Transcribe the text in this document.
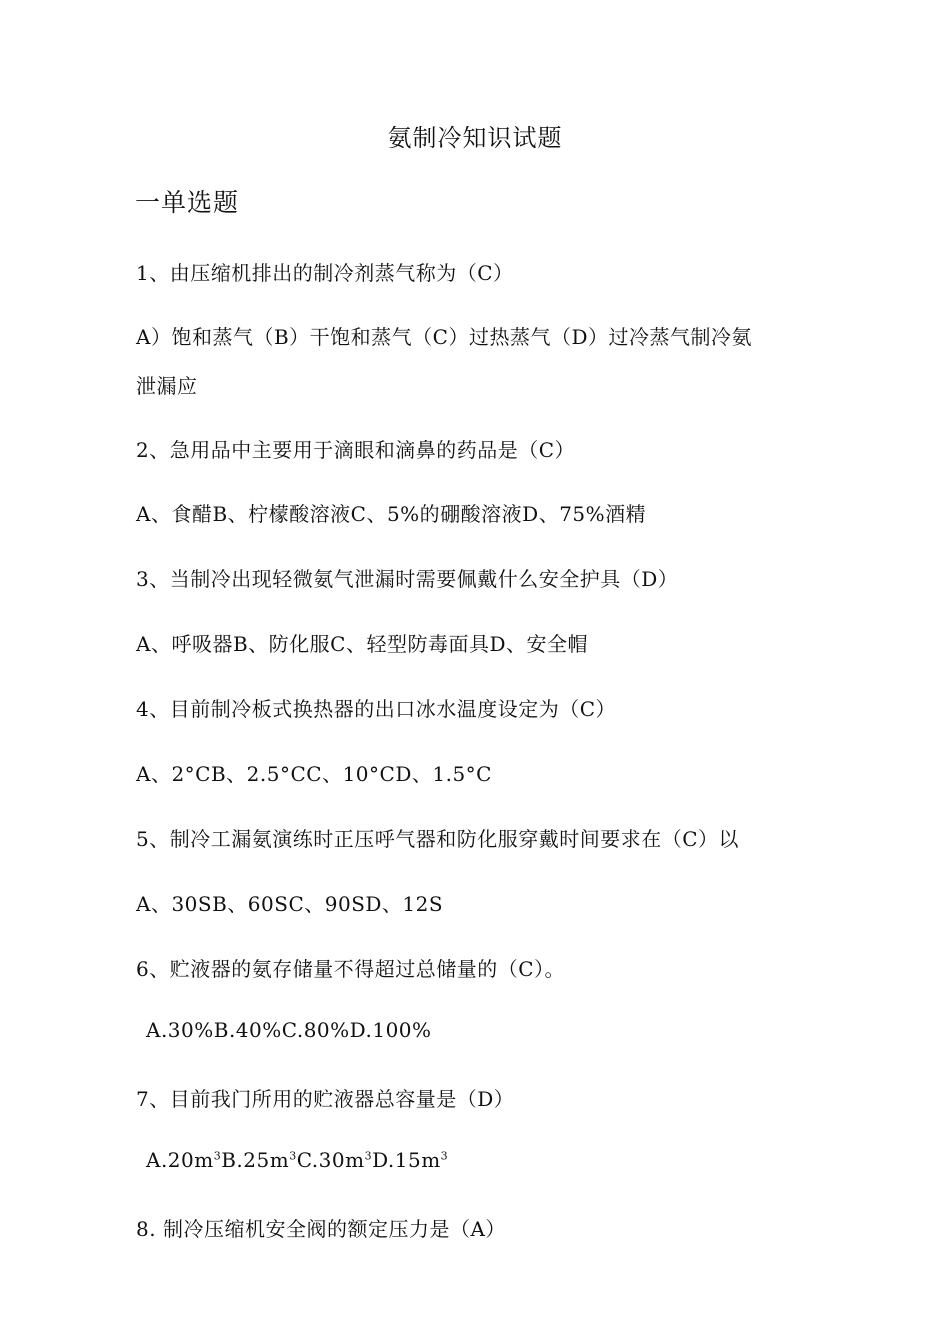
氨制冷知识试题
一单选题
1、由压缩机排出的制冷剂蒸气称为（C）
A）饱和蒸气（B）干饱和蒸气（C）过热蒸气（D）过冷蒸气制冷氨
泄漏应
2、急用品中主要用于滴眼和滴鼻的药品是（C）
A、食醋B、柠檬酸溶液C、5%的硼酸溶液D、75%酒精
3、当制冷出现轻微氨气泄漏时需要佩戴什么安全护具（D）
A、呼吸器B、防化服C、轻型防毒面具D、安全帽
4、目前制冷板式换热器的出口冰水温度设定为（C）
A、2°CB、2.5°CC、10°CD、1.5°C
5、制冷工漏氨演练时正压呼气器和防化服穿戴时间要求在（C）以
A、30SB、60SC、90SD、12S
6、贮液器的氨存储量不得超过总储量的（C）。
A.30%B.40%C.80%D.100%
7、目前我门所用的贮液器总容量是（D）
$A.20m^3B.25m^3C.30m^3D.15m^3$
8. 制冷压缩机安全阀的额定压力是（A）
